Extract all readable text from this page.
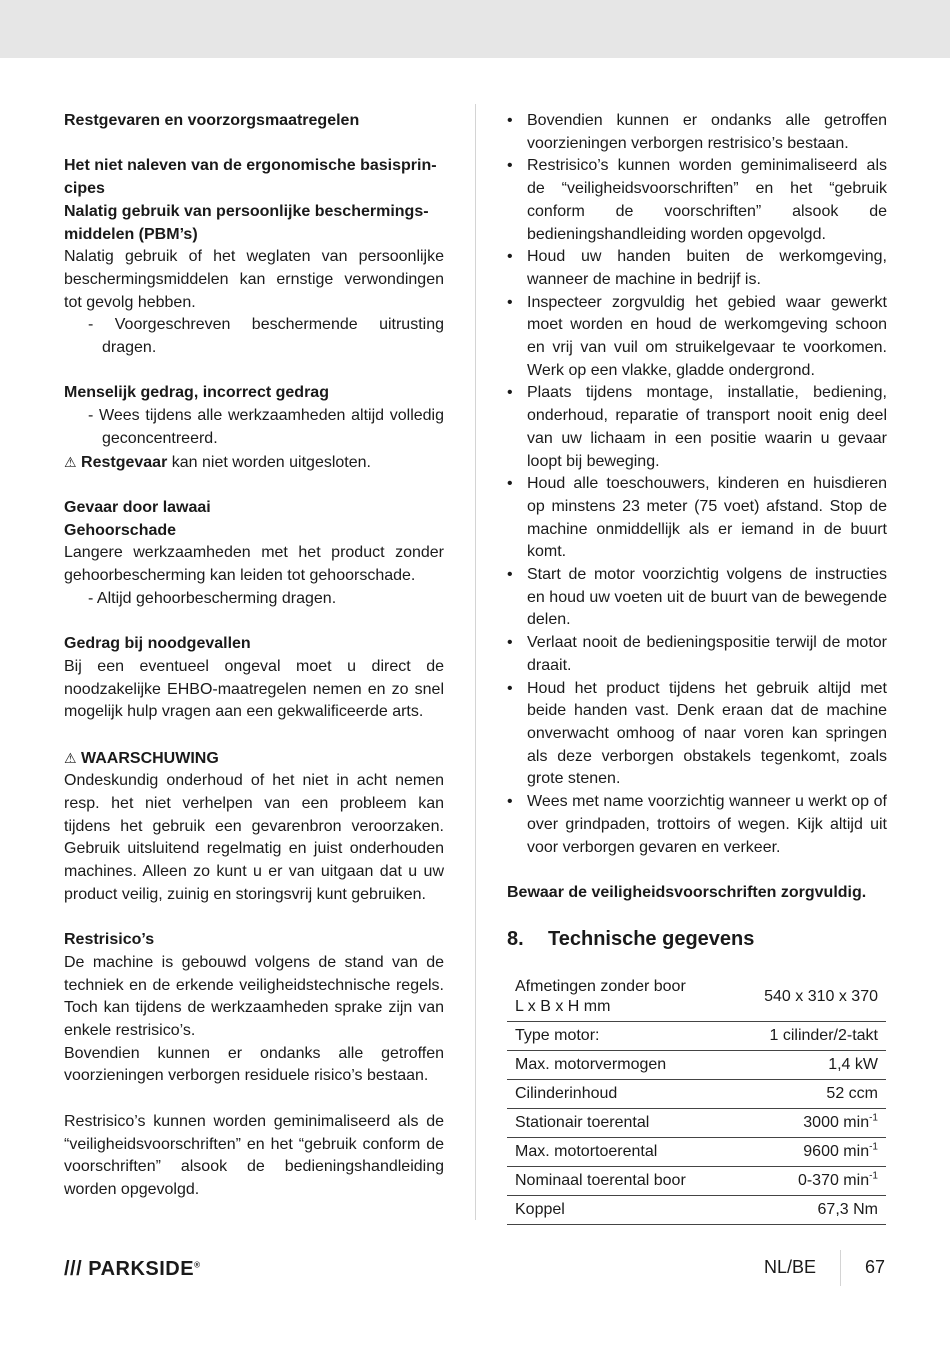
Restgevaren en voorzorgsmaatregelen

Het niet naleven van de ergonomische basisprin-
cipes

Nalatig gebruik van persoonlijke beschermings-
middelen (PBM’s)

Nalatig gebruik of het weglaten van persoonlijke beschermingsmiddelen kan ernstige verwondingen tot gevolg hebben.

- Voorgeschreven beschermende uitrusting dragen.

Menselijk gedrag, incorrect gedrag

- Wees tijdens alle werkzaamheden altijd volledig geconcentreerd.

⚠ Restgevaar kan niet worden uitgesloten.

Gevaar door lawaai

Gehoorschade

Langere werkzaamheden met het product zonder gehoorbescherming kan leiden tot gehoorschade.

- Altijd gehoorbescherming dragen.

Gedrag bij noodgevallen

Bij een eventueel ongeval moet u direct de noodzakelijke EHBO-maatregelen nemen en zo snel mogelijk hulp vragen aan een gekwalificeerde arts.

⚠ WAARSCHUWING

Ondeskundig onderhoud of het niet in acht nemen resp. het niet verhelpen van een probleem kan tijdens het gebruik een gevarenbron veroorzaken. Gebruik uitsluitend regelmatig en juist onderhouden machines. Alleen zo kunt u er van uitgaan dat u uw product veilig, zuinig en storingsvrij kunt gebruiken.

Restrisico’s

De machine is gebouwd volgens de stand van de techniek en de erkende veiligheidstechnische regels. Toch kan tijdens de werkzaamheden sprake zijn van enkele restrisico’s.

Bovendien kunnen er ondanks alle getroffen voorzieningen verborgen residuele risico’s bestaan.

Restrisico’s kunnen worden geminimaliseerd als de “veiligheidsvoorschriften” en het “gebruik conform de voorschriften” alsook de bedieningshandleiding worden opgevolgd.

• Bovendien kunnen er ondanks alle getroffen voorzieningen verborgen restrisico’s bestaan.

• Restrisico’s kunnen worden geminimaliseerd als de “veiligheidsvoorschriften” en het “gebruik conform de voorschriften” alsook de bedieningshandleiding worden opgevolgd.

• Houd uw handen buiten de werkomgeving, wanneer de machine in bedrijf is.

• Inspecteer zorgvuldig het gebied waar gewerkt moet worden en houd de werkomgeving schoon en vrij van vuil om struikelgevaar te voorkomen. Werk op een vlakke, gladde ondergrond.

• Plaats tijdens montage, installatie, bediening, onderhoud, reparatie of transport nooit enig deel van uw lichaam in een positie waarin u gevaar loopt bij beweging.

• Houd alle toeschouwers, kinderen en huisdieren op minstens 23 meter (75 voet) afstand. Stop de machine onmiddellijk als er iemand in de buurt komt.

• Start de motor voorzichtig volgens de instructies en houd uw voeten uit de buurt van de bewegende delen.

• Verlaat nooit de bedieningspositie terwijl de motor draait.

• Houd het product tijdens het gebruik altijd met beide handen vast. Denk eraan dat de machine onverwacht omhoog of naar voren kan springen als deze verborgen obstakels tegenkomt, zoals grote stenen.

• Wees met name voorzichtig wanneer u werkt op of over grindpaden, trottoirs of wegen. Kijk altijd uit voor verborgen gevaren en verkeer.

Bewaar de veiligheidsvoorschriften zorgvuldig.

8. Technische gegevens
Afmetingen zonder boor
L x B x H mm	540 x 310 x 370
Type motor:	1 cilinder/2-takt
Max. motorvermogen	1,4 kW
Cilinderinhoud	52 ccm
Stationair toerental	3000 $\min^{-1}$
Max. motortoerental	9600 $\min^{-1}$
Nominaal toerental boor	0-370 $\min^{-1}$
Koppel	67,3 Nm
/// PARKSIDE®	NL/BE	67
